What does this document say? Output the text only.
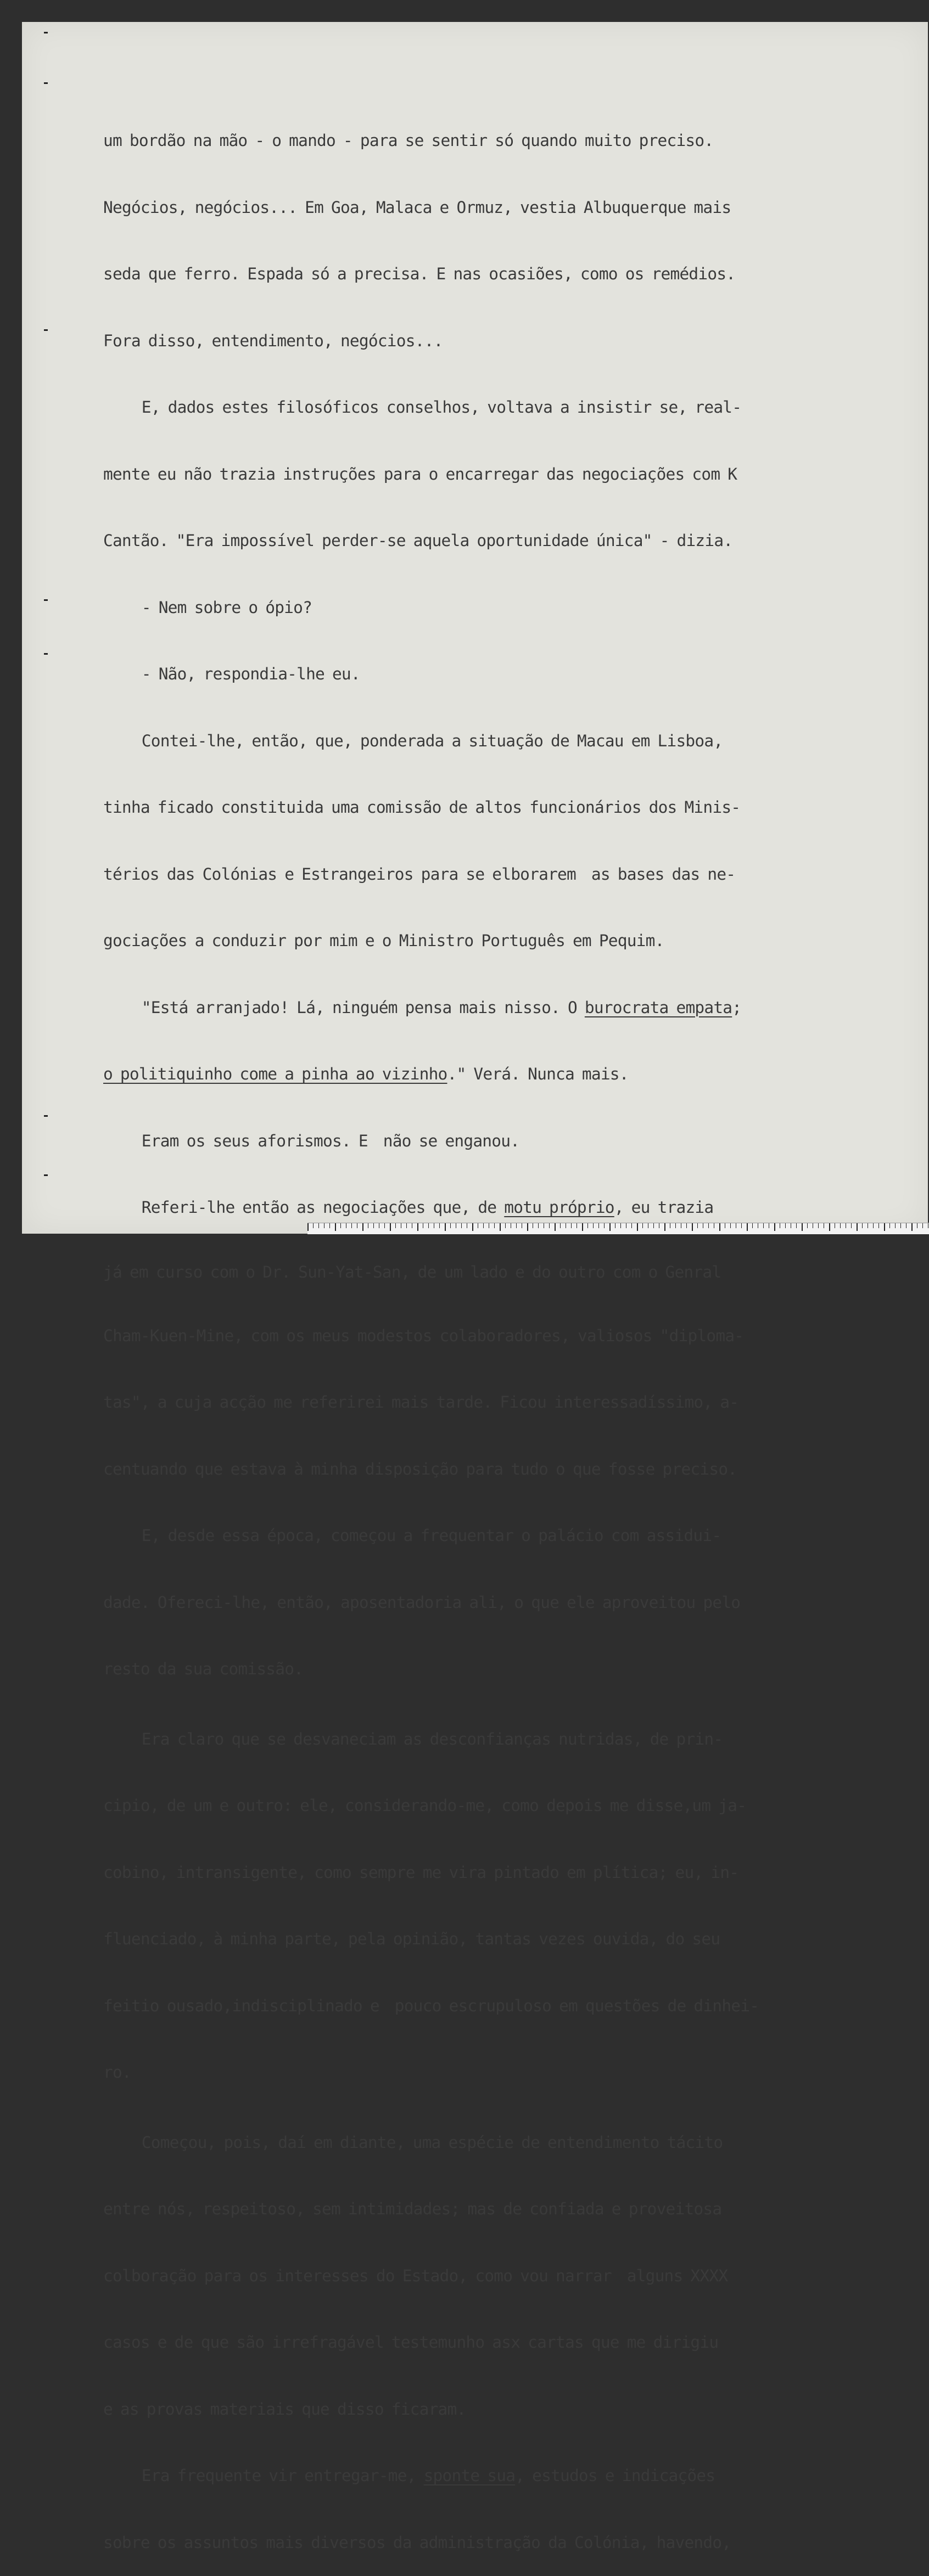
um bordão na mão - o mando - para se sentir só quando muito preciso.

Negócios, negócios... Em Goa, Malaca e Ormuz, vestia Albuquerque mais

seda que ferro. Espada só a precisa. E nas ocasiões, como os remédios.

Fora disso, entendimento, negócios...

E, dados estes filosóficos conselhos, voltava a insistir se, real-

mente eu não trazia instruções para o encarregar das negociações com K

Cantão. "Era impossível perder-se aquela oportunidade única" - dizia.

- Nem sobre o ópio?

- Não, respondia-lhe eu.

Contei-lhe, então, que, ponderada a situação de Macau em Lisboa,

tinha ficado constituida uma comissão de altos funcionários dos Minis-

térios das Colónias e Estrangeiros para se elborarem  as bases das ne-

gociações a conduzir por mim e o Ministro Português em Pequim.

"Está arranjado! Lá, ninguém pensa mais nisso. O burocrata empata;

o politiquinho come a pinha ao vizinho." Verá. Nunca mais.

Eram os seus aforismos. E  não se enganou.

Referi-lhe então as negociações que, de motu próprio, eu trazia

já em curso com o Dr. Sun-Yat-San, de um lado e do outro com o Genral

Cham-Kuen-Mine, com os meus modestos colaboradores, valiosos "diplomа-

tas", a cuja acção me referirei mais tarde. Ficou interessadíssimo, a-

centuando que estava à minha disposição para tudo o que fosse preciso.

E, desde essa época, começou a frequentar o palácio com assidui-

dade. Ofereci-lhe, então, aposentadoria ali, o que ele aproveitou pelo

resto da sua comissão.

Era claro que se desvaneciam as desconfianças nutridas, de prin-

cipio, de um e outro: ele, considerando-me, como depois me disse,um ja-

cobino, intransigente, como sempre me vira pintado em plítica; eu, in-

fluenciado, à minha parte, pela opinião, tantas vezes ouvida, do seu

feitio ousado,indisciplinado e  pouco escrupuloso em questões de dinhei-

ro.

Começou, pois, daí em diante, uma espécie de entendimento tácito

entre nós, respeitoso, sem intimidades; mas de confiada e proveitosa

colboração para os interesses do Estado, como vou narrar  alguns XXXX

casos e de que são irrefragável testemunho asx cartas que me dirigiu

e as provas materiais que disso ficaram.

Era frequente vir entregar-me, sponte sua, estudos e indicações

sobre os assuntos mais diversos da administração da Colónia, havendo,
